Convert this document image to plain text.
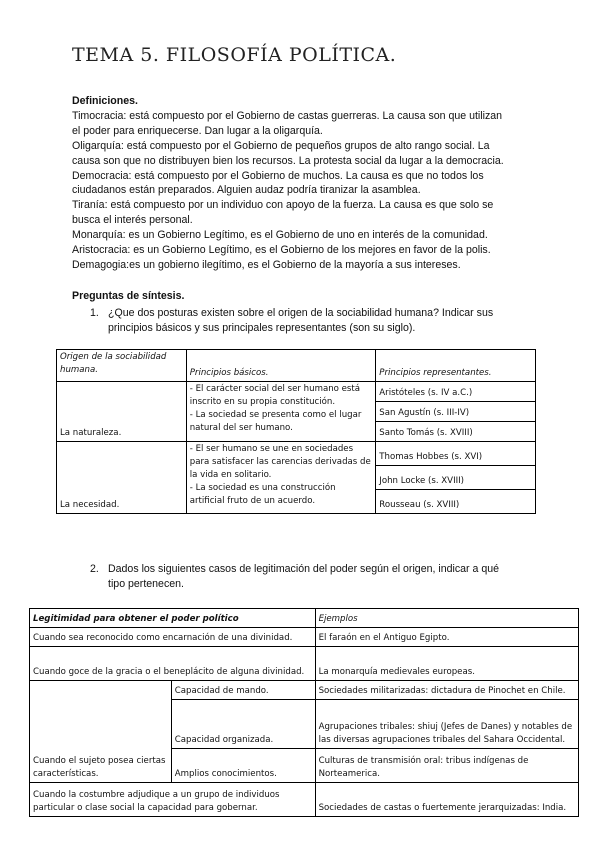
TEMA 5. FILOSOFÍA POLÍTICA.

Definiciones.

Timocracia: está compuesto por el Gobierno de castas guerreras. La causa son que utilizan

el poder para enriquecerse. Dan lugar a la oligarquía.

Oligarquía: está compuesto por el Gobierno de pequeños grupos de alto rango social. La

causa son que no distribuyen bien los recursos. La protesta social da lugar a la democracia.

Democracia: está compuesto por el Gobierno de muchos. La causa es que no todos los

ciudadanos están preparados. Alguien audaz podría tiranizar la asamblea.

Tiranía: está compuesto por un individuo con apoyo de la fuerza. La causa es que solo se

busca el interés personal.

Monarquía: es un Gobierno Legítimo, es el Gobierno de uno en interés de la comunidad.

Aristocracia: es un Gobierno Legítimo, es el Gobierno de los mejores en favor de la polis.

Demagogia:es un gobierno ilegítimo, es el Gobierno de la mayoría a sus intereses.

Preguntas de síntesis.
1. ¿Que dos posturas existen sobre el origen de la sociabilidad humana? Indicar sus
principios básicos y sus principales representantes (son su siglo).
Origen de la sociabilidad humana.	Principios básicos.	Principios representantes.
La naturaleza.	- El carácter social del ser humano está inscrito en su propia constitución.
- La sociedad se presenta como el lugar natural del ser humano.	Aristóteles (s. IV a.C.)
		San Agustín (s. III-IV)
		Santo Tomás (s. XVIII)
La necesidad.	- El ser humano se une en sociedades para satisfacer las carencias derivadas de la vida en solitario.
- La sociedad es una construcción artificial fruto de un acuerdo.	Thomas Hobbes (s. XVI)
		John Locke (s. XVIII)
		Rousseau (s. XVIII)
2. Dados los siguientes casos de legitimación del poder según el origen, indicar a qué
tipo pertenecen.
Legitimidad para obtener el poder político		Ejemplos
Cuando sea reconocido como encarnación de una divinidad.		El faraón en el Antiguo Egipto.
Cuando goce de la gracia o el beneplácito de alguna divinidad.		La monarquía medievales europeas.
Cuando el sujeto posea ciertas características.	Capacidad de mando.	Sociedades militarizadas: dictadura de Pinochet en Chile.
	Capacidad organizada.	Agrupaciones tribales: shiuj (Jefes de Danes) y notables de las diversas agrupaciones tribales del Sahara Occidental.
	Amplios conocimientos.	Culturas de transmisión oral: tribus indígenas de Norteamerica.
Cuando la costumbre adjudique a un grupo de individuos particular o clase social la capacidad para gobernar.		Sociedades de castas o fuertemente jerarquizadas: India.
